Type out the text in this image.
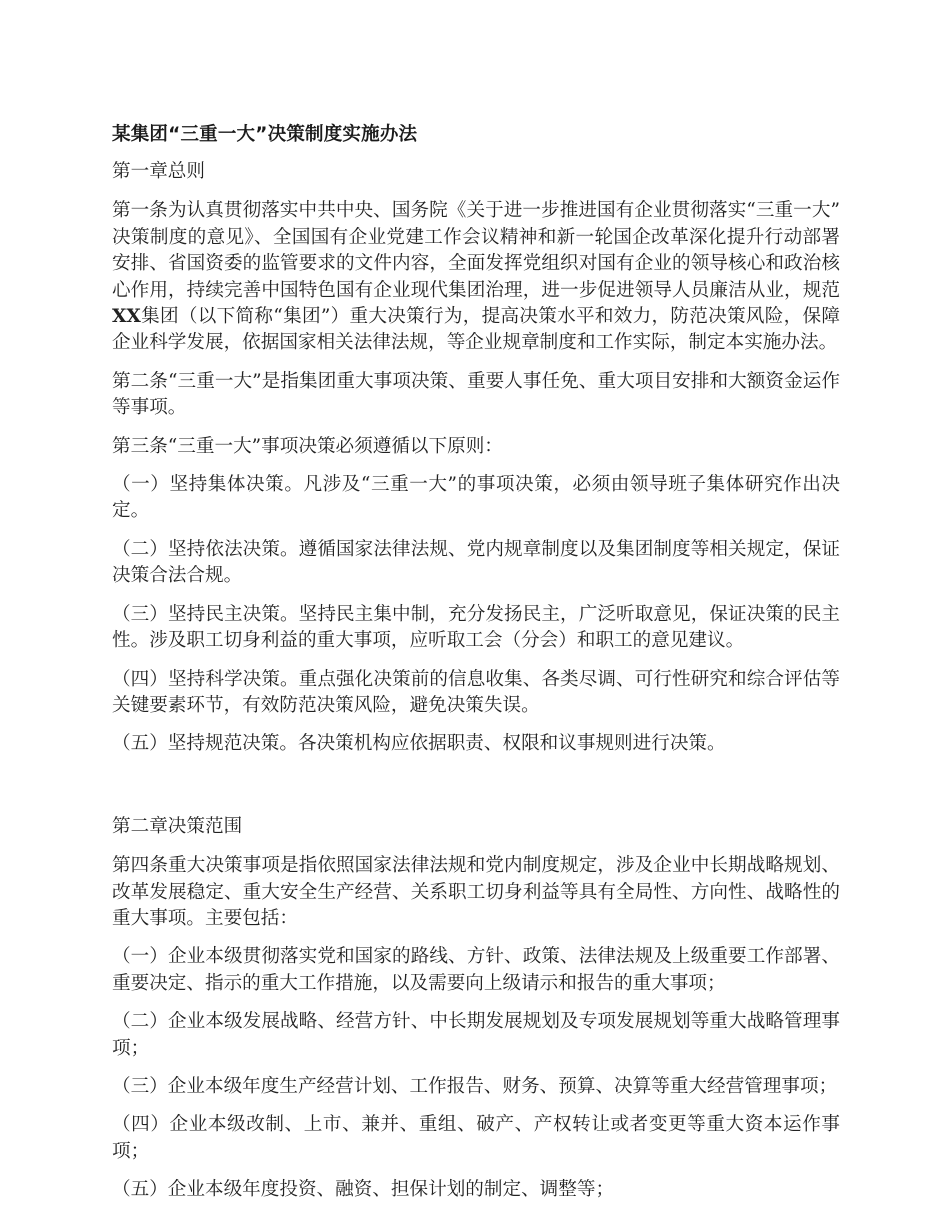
某集团“三重一大”决策制度实施办法

第一章总则

第一条为认真贯彻落实中共中央、国务院《关于进一步推进国有企业贯彻落实“三重一大”决策制度的意见》、全国国有企业党建工作会议精神和新一轮国企改革深化提升行动部署安排、省国资委的监管要求的文件内容，全面发挥党组织对国有企业的领导核心和政治核心作用，持续完善中国特色国有企业现代集团治理，进一步促进领导人员廉洁从业，规范XX集团（以下简称“集团”）重大决策行为，提高决策水平和效力，防范决策风险，保障企业科学发展，依据国家相关法律法规，等企业规章制度和工作实际，制定本实施办法。

第二条“三重一大”是指集团重大事项决策、重要人事任免、重大项目安排和大额资金运作等事项。

第三条“三重一大”事项决策必须遵循以下原则：

（一）坚持集体决策。凡涉及“三重一大”的事项决策，必须由领导班子集体研究作出决定。

（二）坚持依法决策。遵循国家法律法规、党内规章制度以及集团制度等相关规定，保证决策合法合规。

（三）坚持民主决策。坚持民主集中制，充分发扬民主，广泛听取意见，保证决策的民主性。涉及职工切身利益的重大事项，应听取工会（分会）和职工的意见建议。

（四）坚持科学决策。重点强化决策前的信息收集、各类尽调、可行性研究和综合评估等关键要素环节，有效防范决策风险，避免决策失误。

（五）坚持规范决策。各决策机构应依据职责、权限和议事规则进行决策。

第二章决策范围

第四条重大决策事项是指依照国家法律法规和党内制度规定，涉及企业中长期战略规划、改革发展稳定、重大安全生产经营、关系职工切身利益等具有全局性、方向性、战略性的重大事项。主要包括：

（一）企业本级贯彻落实党和国家的路线、方针、政策、法律法规及上级重要工作部署、重要决定、指示的重大工作措施，以及需要向上级请示和报告的重大事项；

（二）企业本级发展战略、经营方针、中长期发展规划及专项发展规划等重大战略管理事项；

（三）企业本级年度生产经营计划、工作报告、财务、预算、决算等重大经营管理事项；

（四）企业本级改制、上市、兼并、重组、破产、产权转让或者变更等重大资本运作事项；

（五）企业本级年度投资、融资、担保计划的制定、调整等；
